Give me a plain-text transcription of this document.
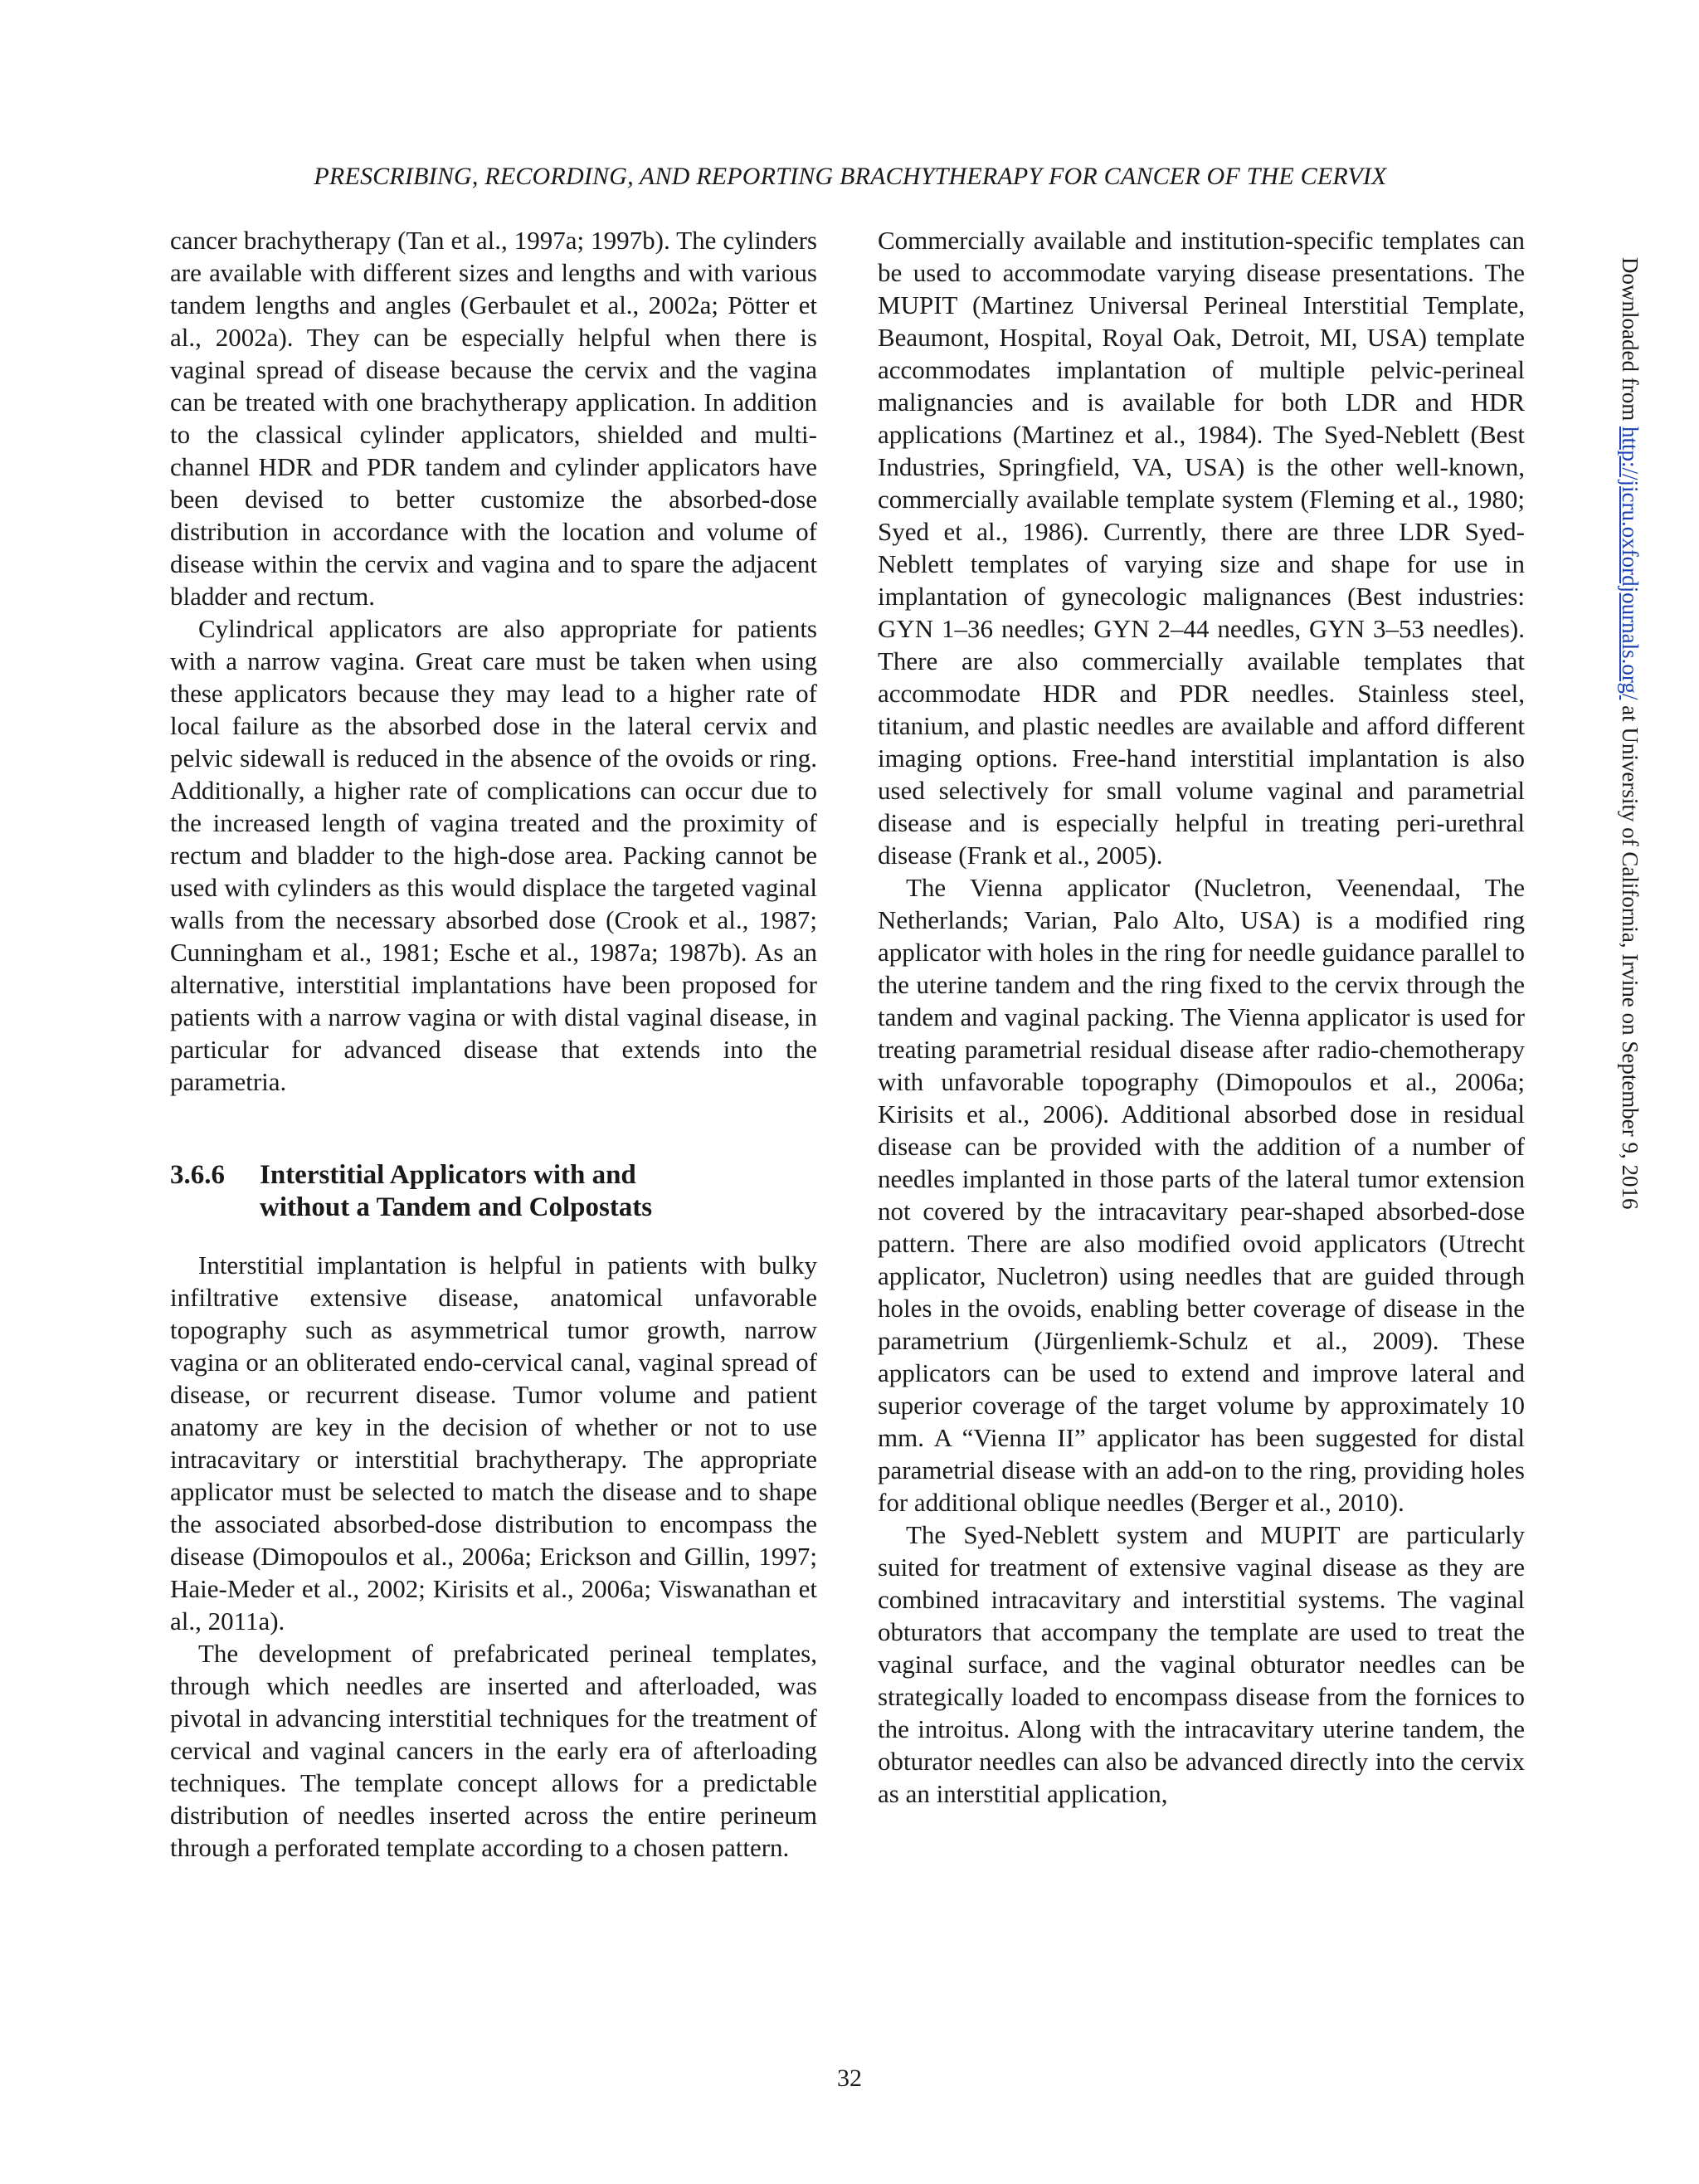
PRESCRIBING, RECORDING, AND REPORTING BRACHYTHERAPY FOR CANCER OF THE CERVIX

cancer brachytherapy (Tan et al., 1997a; 1997b). The cylinders are available with different sizes and lengths and with various tandem lengths and angles (Gerbaulet et al., 2002a; Pötter et al., 2002a). They can be especially helpful when there is vaginal spread of disease because the cervix and the vagina can be treated with one brachytherapy application. In addition to the classical cylinder applicators, shielded and multi-channel HDR and PDR tandem and cylinder applicators have been devised to better customize the absorbed-dose distribution in accordance with the location and volume of disease within the cervix and vagina and to spare the adjacent bladder and rectum.

Cylindrical applicators are also appropriate for patients with a narrow vagina. Great care must be taken when using these applicators because they may lead to a higher rate of local failure as the absorbed dose in the lateral cervix and pelvic sidewall is reduced in the absence of the ovoids or ring. Additionally, a higher rate of complications can occur due to the increased length of vagina treated and the proximity of rectum and bladder to the high-dose area. Packing cannot be used with cylinders as this would displace the targeted vaginal walls from the necessary absorbed dose (Crook et al., 1987; Cunningham et al., 1981; Esche et al., 1987a; 1987b). As an alternative, interstitial implantations have been proposed for patients with a narrow vagina or with distal vaginal disease, in particular for advanced disease that extends into the parametria.

3.6.6	Interstitial Applicators with and without a Tandem and Colpostats

Interstitial implantation is helpful in patients with bulky infiltrative extensive disease, anatomical unfavorable topography such as asymmetrical tumor growth, narrow vagina or an obliterated endo-cervical canal, vaginal spread of disease, or recurrent disease. Tumor volume and patient anatomy are key in the decision of whether or not to use intracavitary or interstitial brachytherapy. The appropriate applicator must be selected to match the disease and to shape the associated absorbed-dose distribution to encompass the disease (Dimopoulos et al., 2006a; Erickson and Gillin, 1997; Haie-Meder et al., 2002; Kirisits et al., 2006a; Viswanathan et al., 2011a).

The development of prefabricated perineal templates, through which needles are inserted and afterloaded, was pivotal in advancing interstitial techniques for the treatment of cervical and vaginal cancers in the early era of afterloading techniques. The template concept allows for a predictable distribution of needles inserted across the entire perineum through a perforated template according to a chosen pattern.

Commercially available and institution-specific templates can be used to accommodate varying disease presentations. The MUPIT (Martinez Universal Perineal Interstitial Template, Beaumont, Hospital, Royal Oak, Detroit, MI, USA) template accommodates implantation of multiple pelvic-perineal malignancies and is available for both LDR and HDR applications (Martinez et al., 1984). The Syed-Neblett (Best Industries, Springfield, VA, USA) is the other well-known, commercially available template system (Fleming et al., 1980; Syed et al., 1986). Currently, there are three LDR Syed-Neblett templates of varying size and shape for use in implantation of gynecologic malignances (Best industries: GYN 1–36 needles; GYN 2–44 needles, GYN 3–53 needles). There are also commercially available templates that accommodate HDR and PDR needles. Stainless steel, titanium, and plastic needles are available and afford different imaging options. Free-hand interstitial implantation is also used selectively for small volume vaginal and parametrial disease and is especially helpful in treating peri-urethral disease (Frank et al., 2005).

The Vienna applicator (Nucletron, Veenendaal, The Netherlands; Varian, Palo Alto, USA) is a modified ring applicator with holes in the ring for needle guidance parallel to the uterine tandem and the ring fixed to the cervix through the tandem and vaginal packing. The Vienna applicator is used for treating parametrial residual disease after radio-chemotherapy with unfavorable topography (Dimopoulos et al., 2006a; Kirisits et al., 2006). Additional absorbed dose in residual disease can be provided with the addition of a number of needles implanted in those parts of the lateral tumor extension not covered by the intracavitary pear-shaped absorbed-dose pattern. There are also modified ovoid applicators (Utrecht applicator, Nucletron) using needles that are guided through holes in the ovoids, enabling better coverage of disease in the parametrium (Jürgenliemk-Schulz et al., 2009). These applicators can be used to extend and improve lateral and superior coverage of the target volume by approximately 10 mm. A “Vienna II” applicator has been suggested for distal parametrial disease with an add-on to the ring, providing holes for additional oblique needles (Berger et al., 2010).

The Syed-Neblett system and MUPIT are particularly suited for treatment of extensive vaginal disease as they are combined intracavitary and interstitial systems. The vaginal obturators that accompany the template are used to treat the vaginal surface, and the vaginal obturator needles can be strategically loaded to encompass disease from the fornices to the introitus. Along with the intracavitary uterine tandem, the obturator needles can also be advanced directly into the cervix as an interstitial application,

Downloaded from http://jicru.oxfordjournals.org/ at University of California, Irvine on September 9, 2016
32
